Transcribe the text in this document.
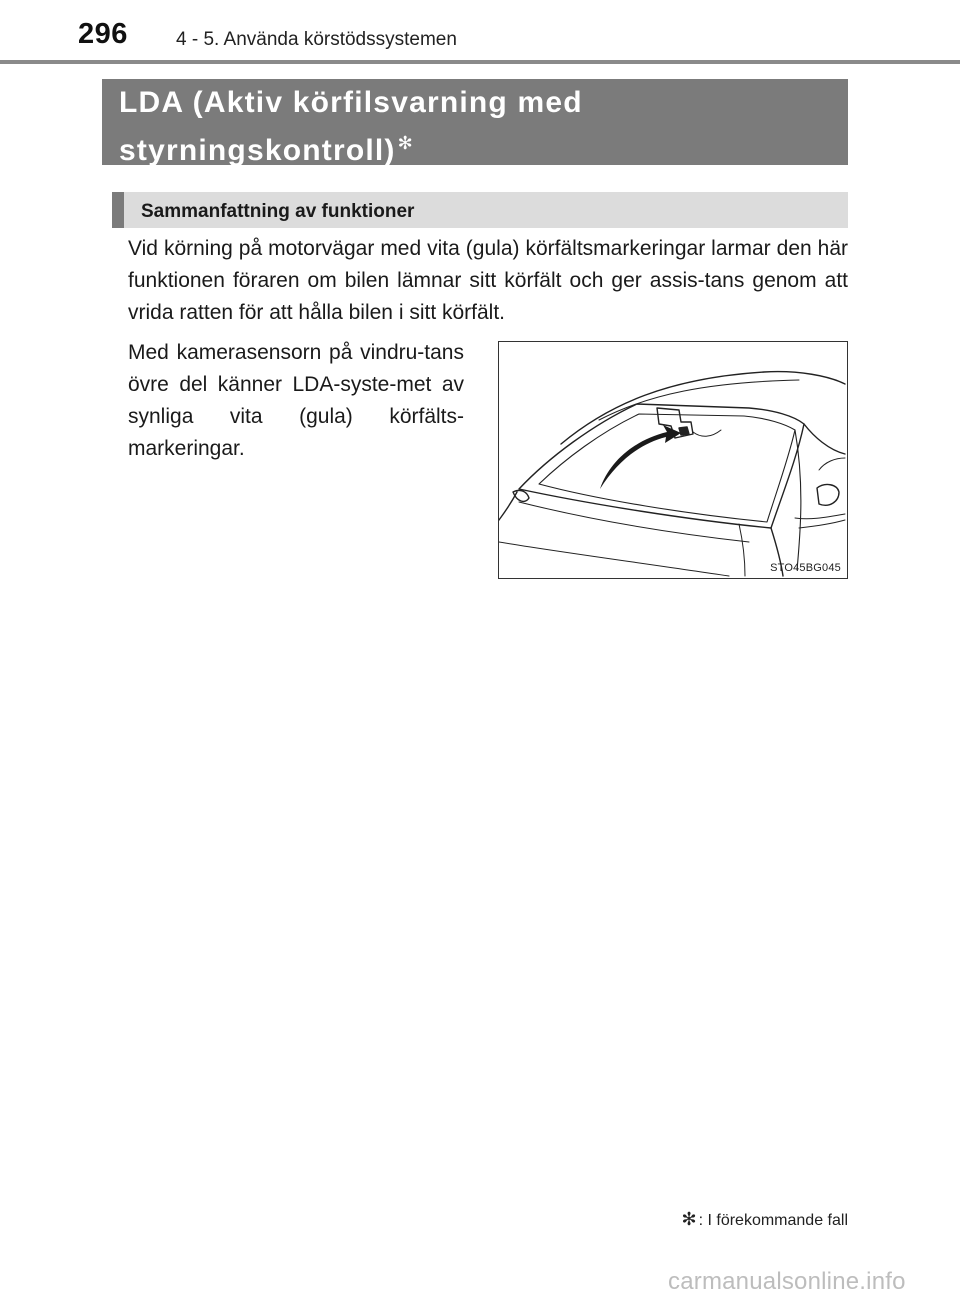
296	4 - 5. Använda körstödssystemen
LDA (Aktiv körfilsvarning med
styrningskontroll) ✻
Sammanfattning av funktioner
Vid körning på motorvägar med vita (gula) körfältsmarkeringar larmar den här funktionen föraren om bilen lämnar sitt körfält och ger assis-tans genom att vrida ratten för att hålla bilen i sitt körfält.
Med kamerasensorn på vindru-tans övre del känner LDA-syste-met av synliga vita (gula) körfälts-markeringar.
STO45BG045
✻ : I förekommande fall
carmanualsonline.info
